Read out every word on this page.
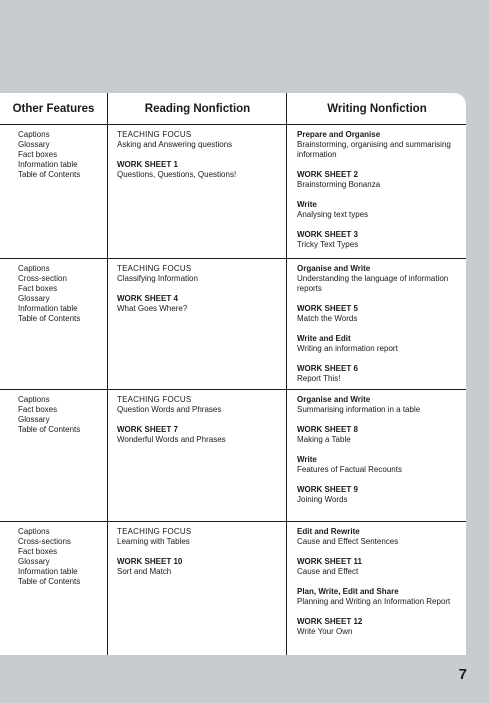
Other Features	Reading Nonfiction	Writing Nonfiction
Captions
Glossary
Fact boxes
Information table
Table of Contents
TEACHING FOCUS
Asking and Answering questions
WORK SHEET 1
Questions, Questions, Questions!
Prepare and Organise
Brainstorming, organising and summarising information
WORK SHEET 2
Brainstorming Bonanza
Write
Analysing text types
WORK SHEET 3
Tricky Text Types
Captions
Cross-section
Fact boxes
Glossary
Information table
Table of Contents
TEACHING FOCUS
Classifying Information
WORK SHEET 4
What Goes Where?
Organise and Write
Understanding the language of information reports
WORK SHEET 5
Match the Words
Write and Edit
Writing an information report
WORK SHEET 6
Report This!
Captions
Fact boxes
Glossary
Table of Contents
TEACHING FOCUS
Question Words and Phrases
WORK SHEET 7
Wonderful Words and Phrases
Organise and Write
Summarising information in a table
WORK SHEET 8
Making a Table
Write
Features of Factual Recounts
WORK SHEET 9
Joining Words
Captions
Cross-sections
Fact boxes
Glossary
Information table
Table of Contents
TEACHING FOCUS
Learning with Tables
WORK SHEET 10
Sort and Match
Edit and Rewrite
Cause and Effect Sentences
WORK SHEET 11
Cause and Effect
Plan, Write, Edit and Share
Planning and Writing an Information Report
WORK SHEET 12
Write Your Own
7
